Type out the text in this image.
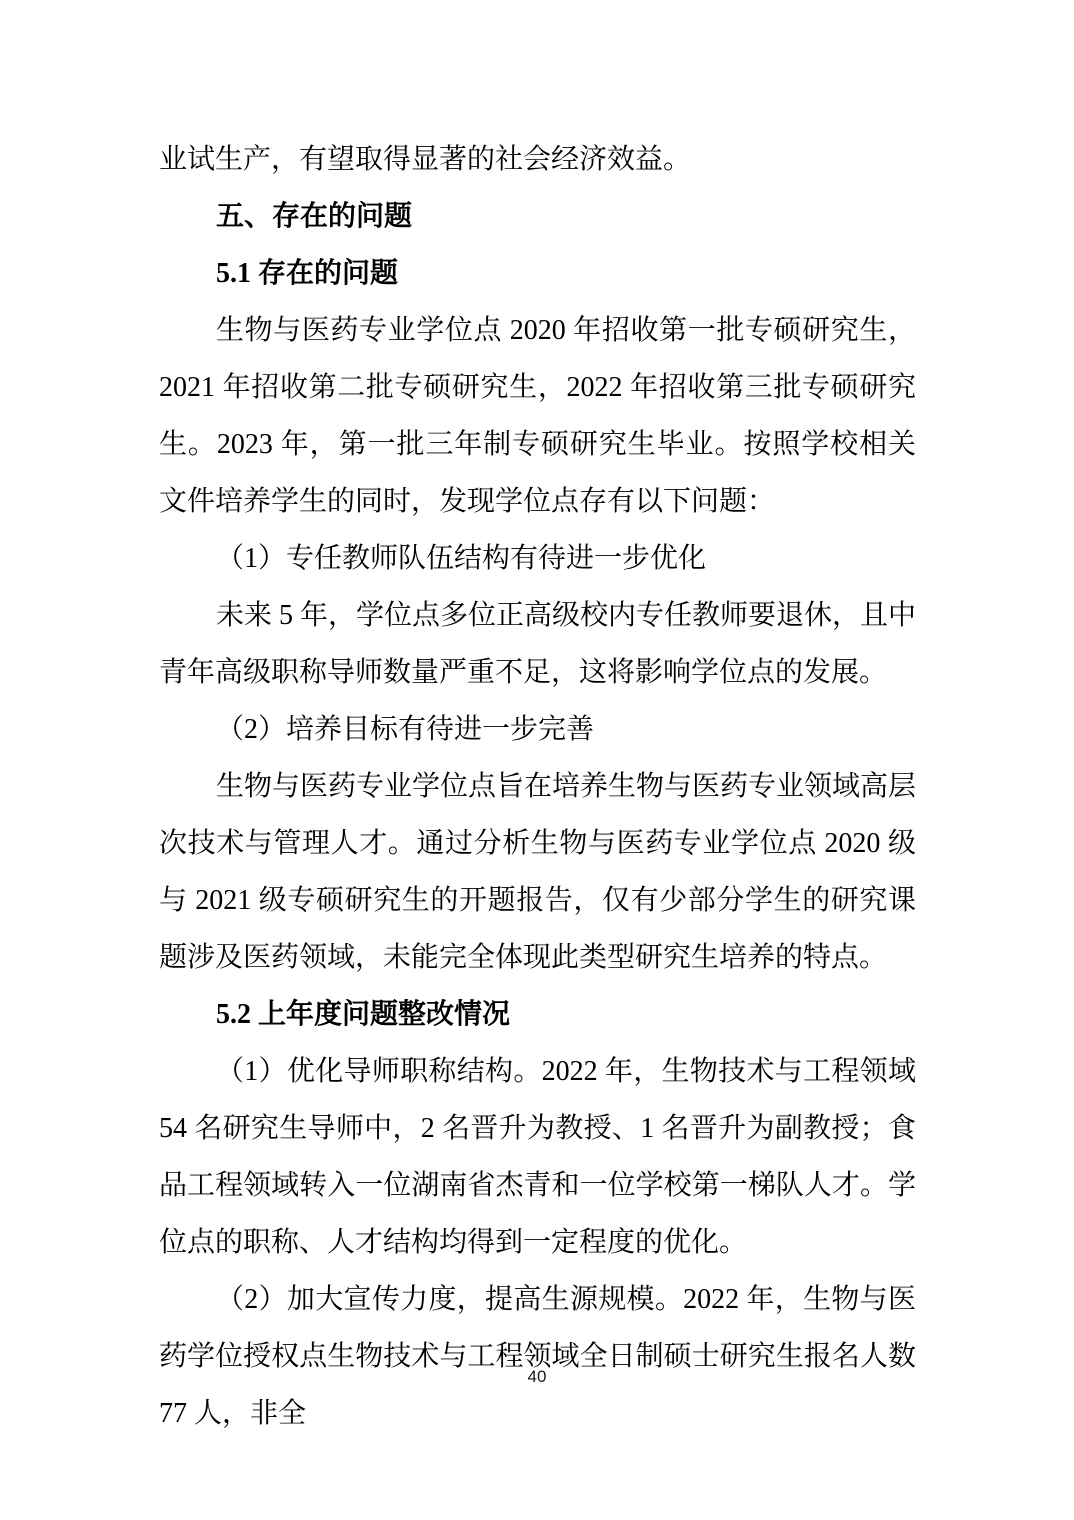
业试生产，有望取得显著的社会经济效益。

五、存在的问题

5.1 存在的问题

生物与医药专业学位点 2020 年招收第一批专硕研究生，2021 年招收第二批专硕研究生，2022 年招收第三批专硕研究生。2023 年，第一批三年制专硕研究生毕业。按照学校相关文件培养学生的同时，发现学位点存有以下问题：

（1）专任教师队伍结构有待进一步优化

未来 5 年，学位点多位正高级校内专任教师要退休，且中青年高级职称导师数量严重不足，这将影响学位点的发展。

（2）培养目标有待进一步完善

生物与医药专业学位点旨在培养生物与医药专业领域高层次技术与管理人才。通过分析生物与医药专业学位点 2020 级与 2021 级专硕研究生的开题报告，仅有少部分学生的研究课题涉及医药领域，未能完全体现此类型研究生培养的特点。

5.2 上年度问题整改情况

（1）优化导师职称结构。2022 年，生物技术与工程领域 54 名研究生导师中，2 名晋升为教授、1 名晋升为副教授；食品工程领域转入一位湖南省杰青和一位学校第一梯队人才。学位点的职称、人才结构均得到一定程度的优化。

（2）加大宣传力度，提高生源规模。2022 年，生物与医药学位授权点生物技术与工程领域全日制硕士研究生报名人数 77 人，非全

40
